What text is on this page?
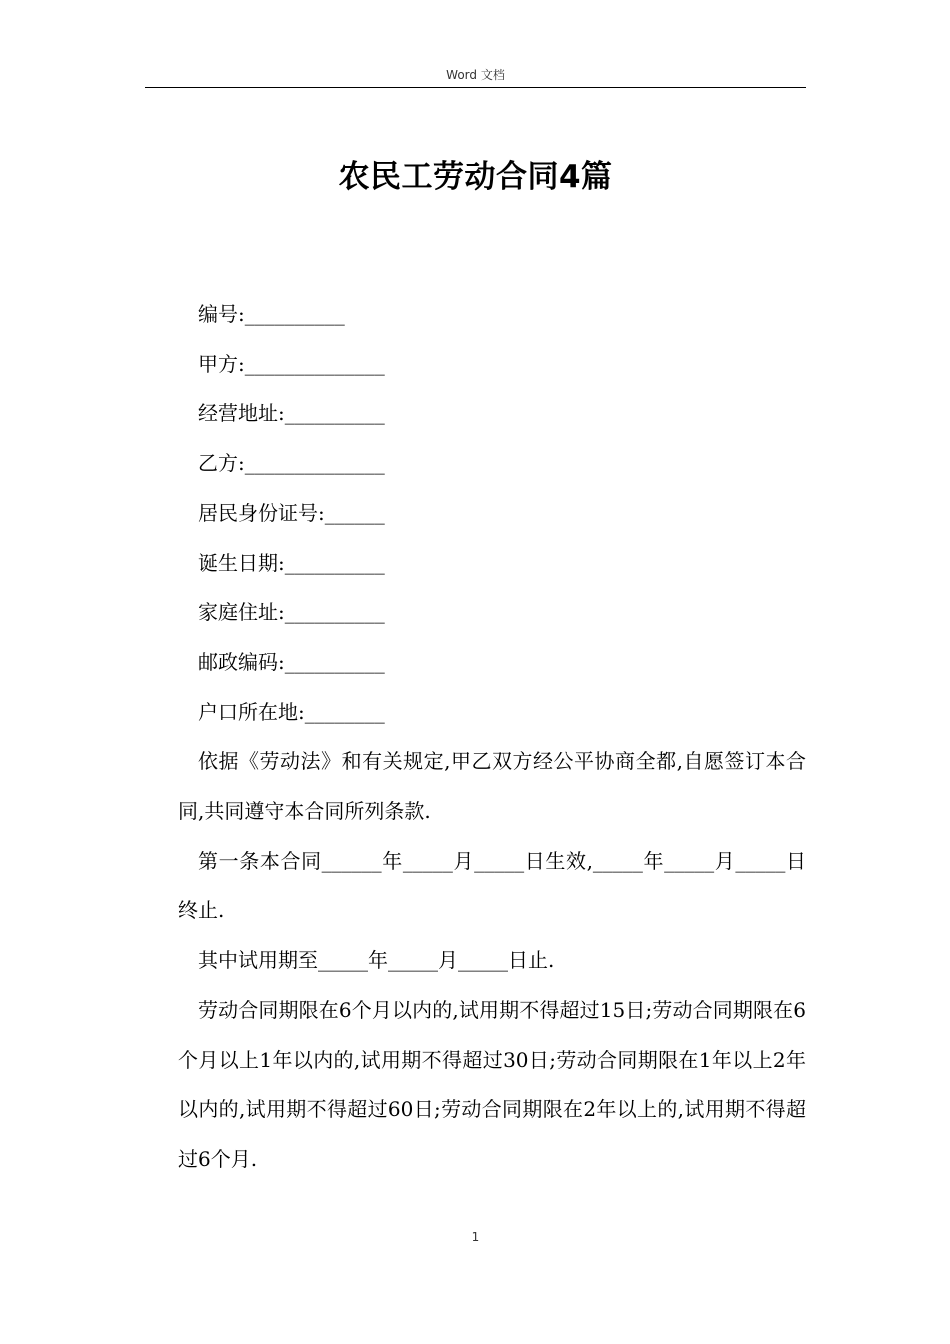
Word 文档
农民工劳动合同4篇

编号:__________

甲方:______________

经营地址:__________

乙方:______________

居民身份证号:______

诞生日期:__________

家庭住址:__________

邮政编码:__________

户口所在地:________

依据《劳动法》和有关规定,甲乙双方经公平协商全都,自愿签订本合同,共同遵守本合同所列条款.

第一条本合同______年_____月_____日生效,_____年_____月_____日终止.

其中试用期至_____年_____月_____日止.

劳动合同期限在6个月以内的,试用期不得超过15日;劳动合同期限在6个月以上1年以内的,试用期不得超过30日;劳动合同期限在1年以上2年以内的,试用期不得超过60日;劳动合同期限在2年以上的,试用期不得超过6个月.

1
